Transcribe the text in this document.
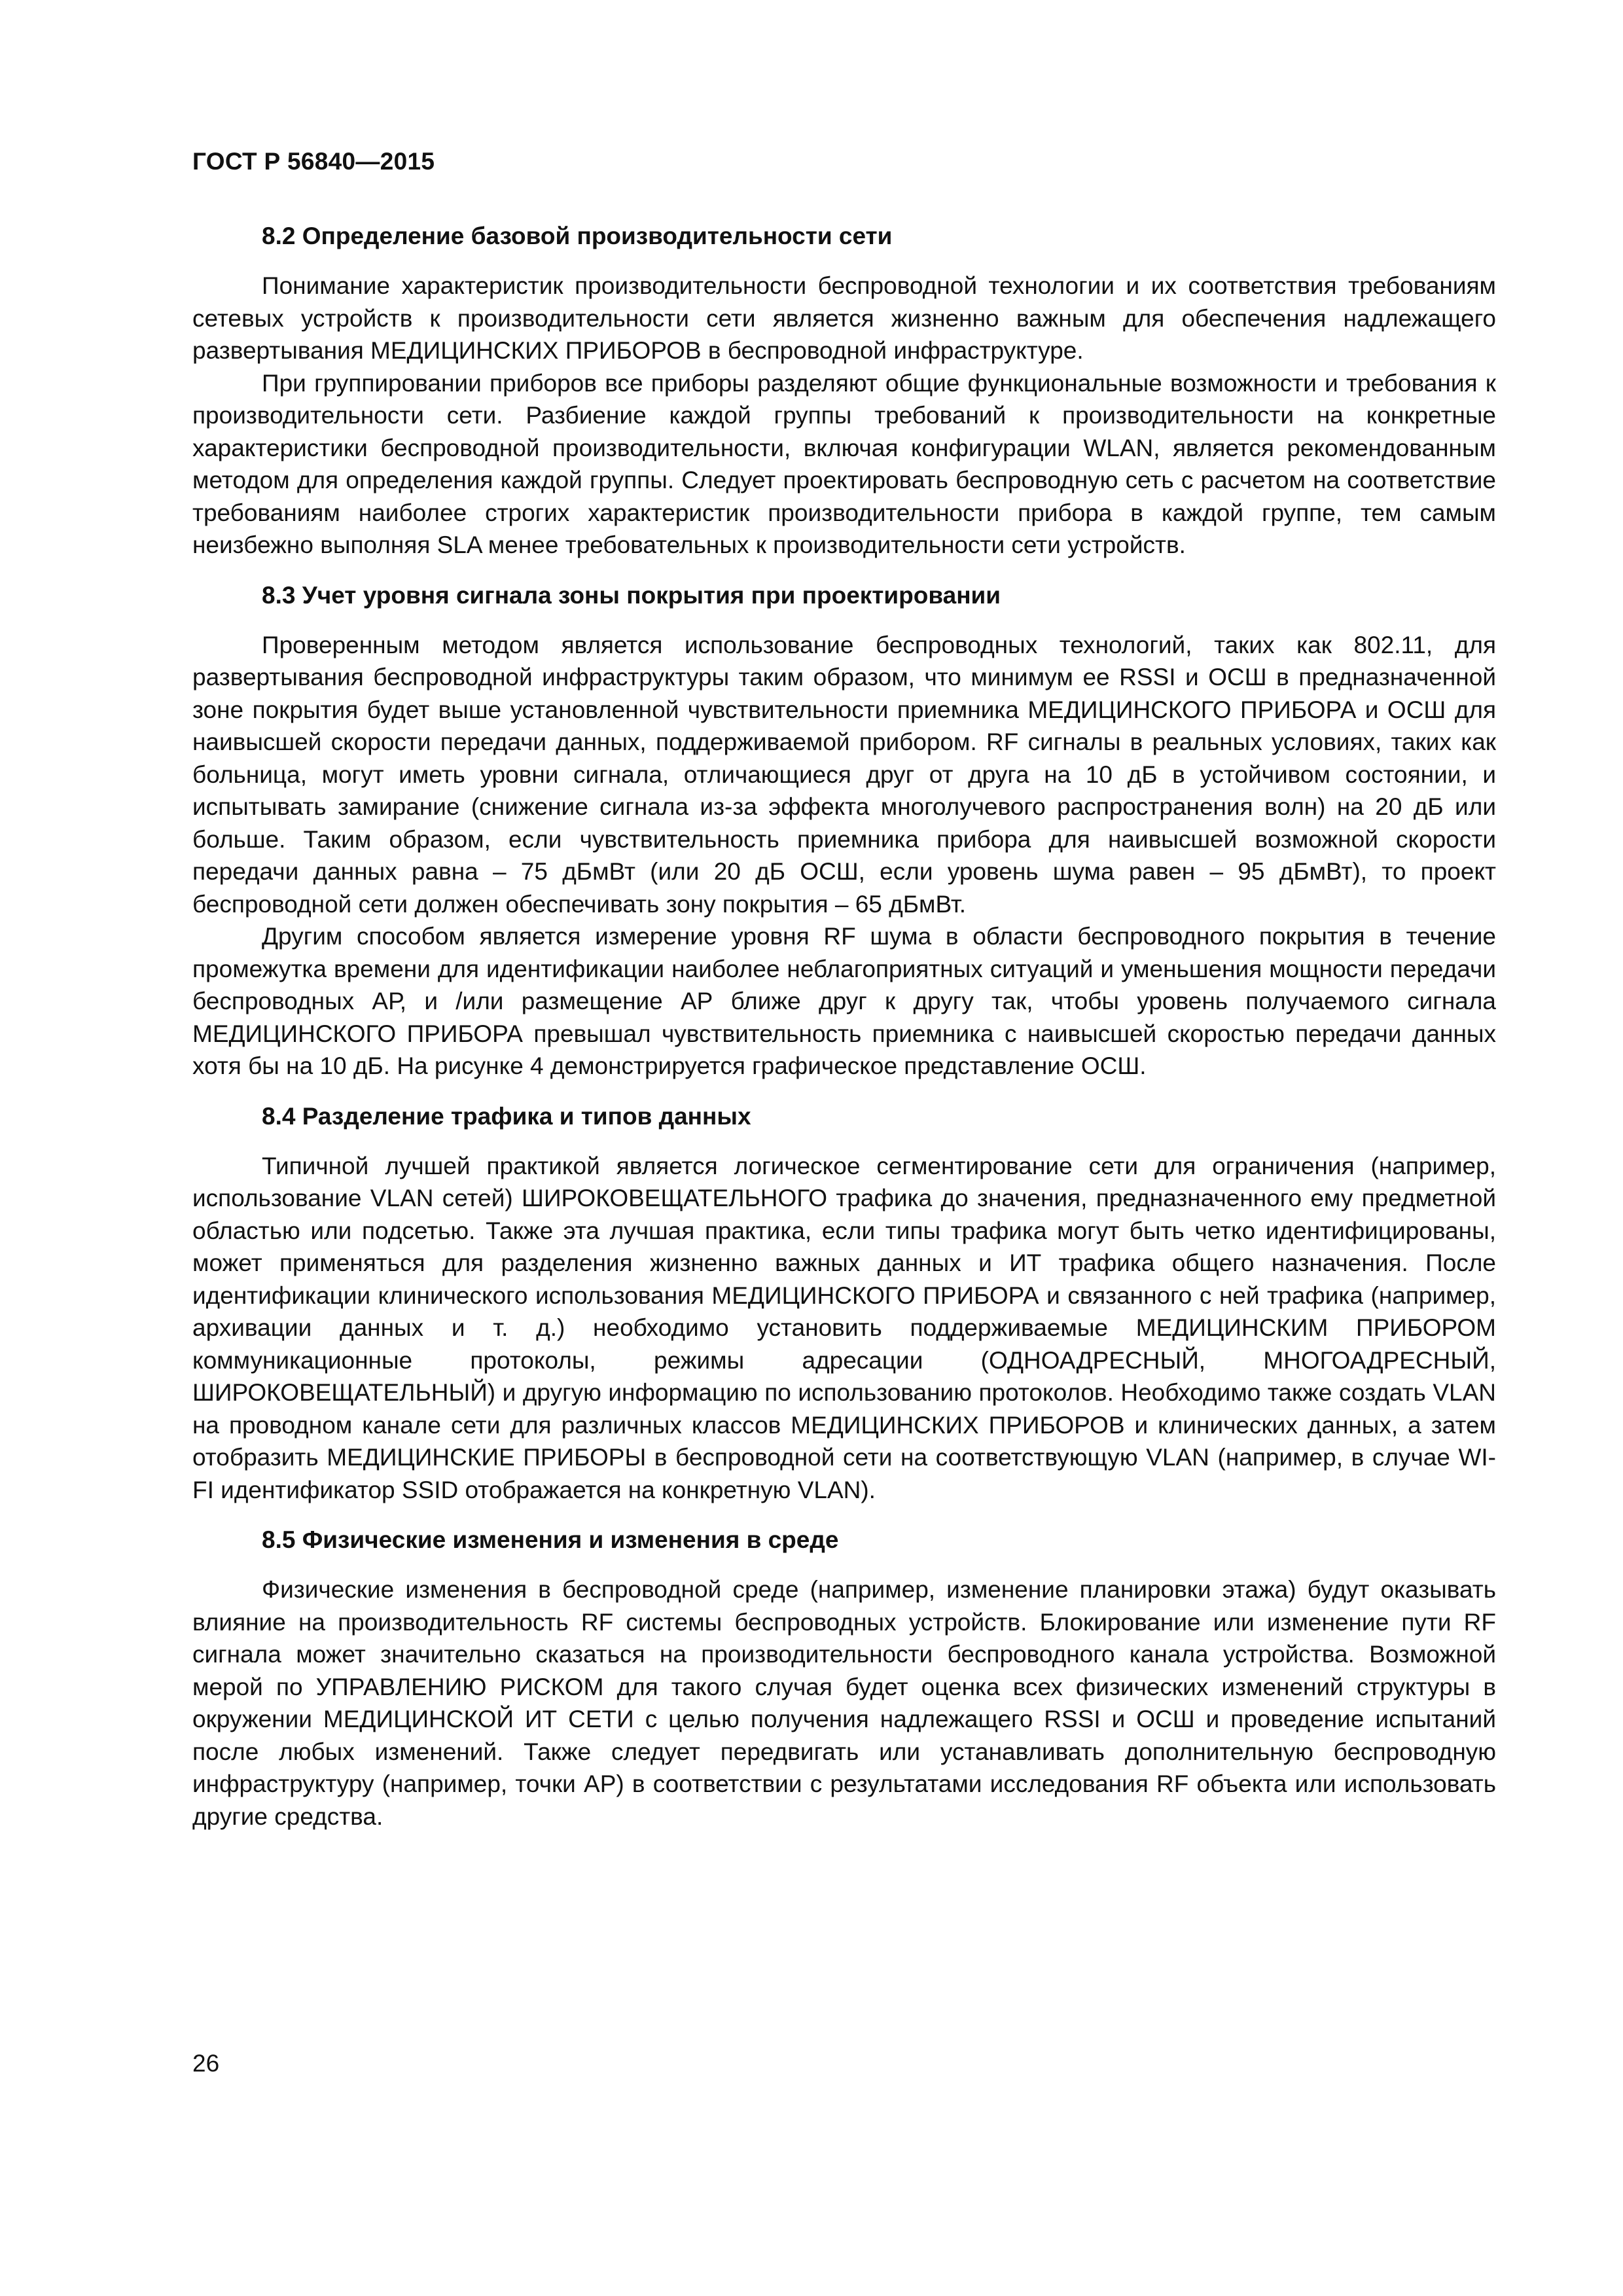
ГОСТ Р 56840—2015
8.2 Определение базовой производительности сети

Понимание характеристик производительности беспроводной технологии и их соответствия требованиям сетевых устройств к производительности сети является жизненно важным для обеспечения надлежащего развертывания МЕДИЦИНСКИХ ПРИБОРОВ в беспроводной инфраструктуре.

При группировании приборов все приборы разделяют общие функциональные возможности и требования к производительности сети. Разбиение каждой группы требований к производительности на конкретные характеристики беспроводной производительности, включая конфигурации WLAN, является рекомендованным методом для определения каждой группы. Следует проектировать беспроводную сеть с расчетом на соответствие требованиям наиболее строгих характеристик производительности прибора в каждой группе, тем самым неизбежно выполняя SLA менее требовательных к производительности сети устройств.

8.3 Учет уровня сигнала зоны покрытия при проектировании

Проверенным методом является использование беспроводных технологий, таких как 802.11, для развертывания беспроводной инфраструктуры таким образом, что минимум ее RSSI и ОСШ в предназначенной зоне покрытия будет выше установленной чувствительности приемника МЕДИЦИНСКОГО ПРИБОРА и ОСШ для наивысшей скорости передачи данных, поддерживаемой прибором. RF сигналы в реальных условиях, таких как больница, могут иметь уровни сигнала, отличающиеся друг от друга на 10 дБ в устойчивом состоянии, и испытывать замирание (снижение сигнала из-за эффекта многолучевого распространения волн) на 20 дБ или больше. Таким образом, если чувствительность приемника прибора для наивысшей возможной скорости передачи данных равна – 75 дБмВт (или 20 дБ ОСШ, если уровень шума равен – 95 дБмВт), то проект беспроводной сети должен обеспечивать зону покрытия – 65 дБмВт.

Другим способом является измерение уровня RF шума в области беспроводного покрытия в течение промежутка времени для идентификации наиболее неблагоприятных ситуаций и уменьшения мощности передачи беспроводных АР, и /или размещение АР ближе друг к другу так, чтобы уровень получаемого сигнала МЕДИЦИНСКОГО ПРИБОРА превышал чувствительность приемника с наивысшей скоростью передачи данных хотя бы на 10 дБ. На рисунке 4 демонстрируется графическое представление ОСШ.

8.4 Разделение трафика и типов данных

Типичной лучшей практикой является логическое сегментирование сети для ограничения (например, использование VLAN сетей) ШИРОКОВЕЩАТЕЛЬНОГО трафика до значения, предназначенного ему предметной областью или подсетью. Также эта лучшая практика, если типы трафика могут быть четко идентифицированы, может применяться для разделения жизненно важных данных и ИТ трафика общего назначения. После идентификации клинического использования МЕДИЦИНСКОГО ПРИБОРА и связанного с ней трафика (например, архивации данных и т. д.) необходимо установить поддерживаемые МЕДИЦИНСКИМ ПРИБОРОМ коммуникационные протоколы, режимы адресации (ОДНОАДРЕСНЫЙ, МНОГОАДРЕСНЫЙ, ШИРОКОВЕЩАТЕЛЬНЫЙ) и другую информацию по использованию протоколов. Необходимо также создать VLAN на проводном канале сети для различных классов МЕДИЦИНСКИХ ПРИБОРОВ и клинических данных, а затем отобразить МЕДИЦИНСКИЕ ПРИБОРЫ в беспроводной сети на соответствующую VLAN (например, в случае WI-FI идентификатор SSID отображается на конкретную VLAN).

8.5 Физические изменения и изменения в среде

Физические изменения в беспроводной среде (например, изменение планировки этажа) будут оказывать влияние на производительность RF системы беспроводных устройств. Блокирование или изменение пути RF сигнала может значительно сказаться на производительности беспроводного канала устройства. Возможной мерой по УПРАВЛЕНИЮ РИСКОМ для такого случая будет оценка всех физических изменений структуры в окружении МЕДИЦИНСКОЙ ИТ СЕТИ с целью получения надлежащего RSSI и ОСШ и проведение испытаний после любых изменений. Также следует передвигать или устанавливать дополнительную беспроводную инфраструктуру (например, точки АР) в соответствии с результатами исследования RF объекта или использовать другие средства.

26
